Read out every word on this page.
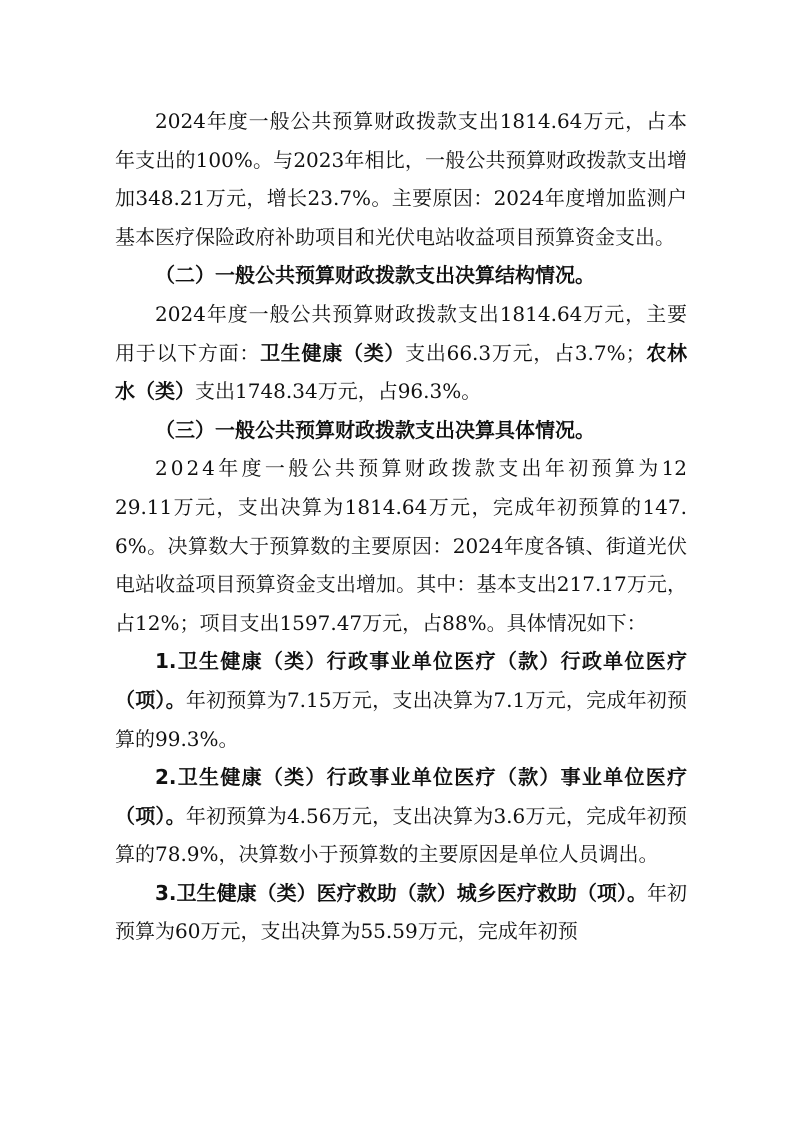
2024年度一般公共预算财政拨款支出1814.64万元，占本年支出的100%。与2023年相比，一般公共预算财政拨款支出增加348.21万元，增长23.7%。主要原因：2024年度增加监测户基本医疗保险政府补助项目和光伏电站收益项目预算资金支出。

（二）一般公共预算财政拨款支出决算结构情况。

2024年度一般公共预算财政拨款支出1814.64万元，主要用于以下方面：卫生健康（类）支出66.3万元，占3.7%；农林水（类）支出1748.34万元，占96.3%。

（三）一般公共预算财政拨款支出决算具体情况。

2024年度一般公共预算财政拨款支出年初预算为1229.11万元，支出决算为1814.64万元，完成年初预算的147.6%。决算数大于预算数的主要原因：2024年度各镇、街道光伏电站收益项目预算资金支出增加。其中：基本支出217.17万元，占12%；项目支出1597.47万元，占88%。具体情况如下：

1.卫生健康（类）行政事业单位医疗（款）行政单位医疗（项）。年初预算为7.15万元，支出决算为7.1万元，完成年初预算的99.3%。

2.卫生健康（类）行政事业单位医疗（款）事业单位医疗（项）。年初预算为4.56万元，支出决算为3.6万元，完成年初预算的78.9%，决算数小于预算数的主要原因是单位人员调出。

3.卫生健康（类）医疗救助（款）城乡医疗救助（项）。年初预算为60万元，支出决算为55.59万元，完成年初预
